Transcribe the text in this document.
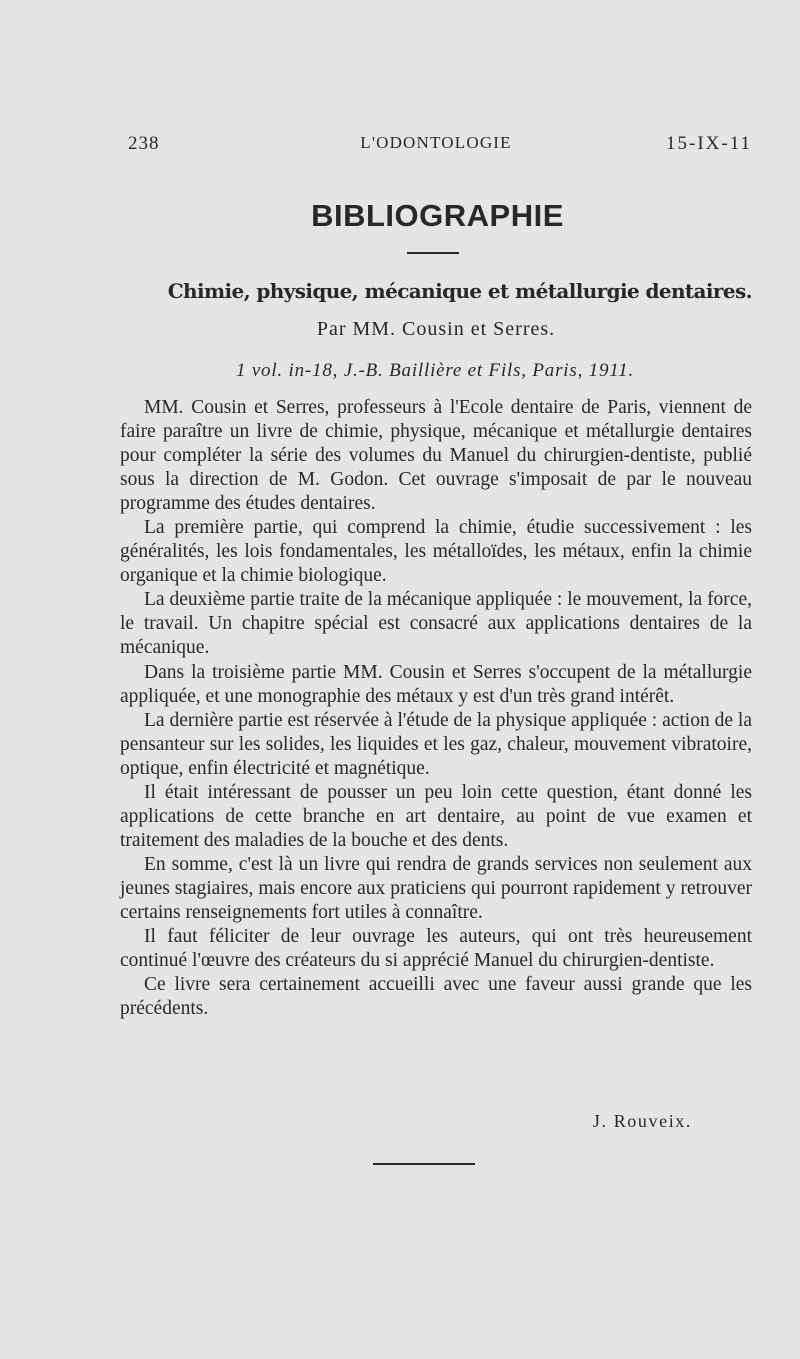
238	L'ODONTOLOGIE	15-IX-11
BIBLIOGRAPHIE
Chimie, physique, mécanique et métallurgie dentaires.

Par MM. Cousin et Serres.

1 vol. in-18, J.-B. Baillière et Fils, Paris, 1911.

MM. Cousin et Serres, professeurs à l'Ecole dentaire de Paris, viennent de faire paraître un livre de chimie, physique, mécanique et métallurgie dentaires pour compléter la série des volumes du Manuel du chirurgien-dentiste, publié sous la direction de M. Godon. Cet ouvrage s'imposait de par le nouveau programme des études dentaires.

La première partie, qui comprend la chimie, étudie successivement : les généralités, les lois fondamentales, les métalloïdes, les métaux, enfin la chimie organique et la chimie biologique.

La deuxième partie traite de la mécanique appliquée : le mouvement, la force, le travail. Un chapitre spécial est consacré aux applications dentaires de la mécanique.

Dans la troisième partie MM. Cousin et Serres s'occupent de la métallurgie appliquée, et une monographie des métaux y est d'un très grand intérêt.

La dernière partie est réservée à l'étude de la physique appliquée : action de la pensanteur sur les solides, les liquides et les gaz, chaleur, mouvement vibratoire, optique, enfin électricité et magnétique.

Il était intéressant de pousser un peu loin cette question, étant donné les applications de cette branche en art dentaire, au point de vue examen et traitement des maladies de la bouche et des dents.

En somme, c'est là un livre qui rendra de grands services non seulement aux jeunes stagiaires, mais encore aux praticiens qui pourront rapidement y retrouver certains renseignements fort utiles à connaître.

Il faut féliciter de leur ouvrage les auteurs, qui ont très heureusement continué l'œuvre des créateurs du si apprécié Manuel du chirurgien-dentiste.

Ce livre sera certainement accueilli avec une faveur aussi grande que les précédents.

J. Rouveix.
